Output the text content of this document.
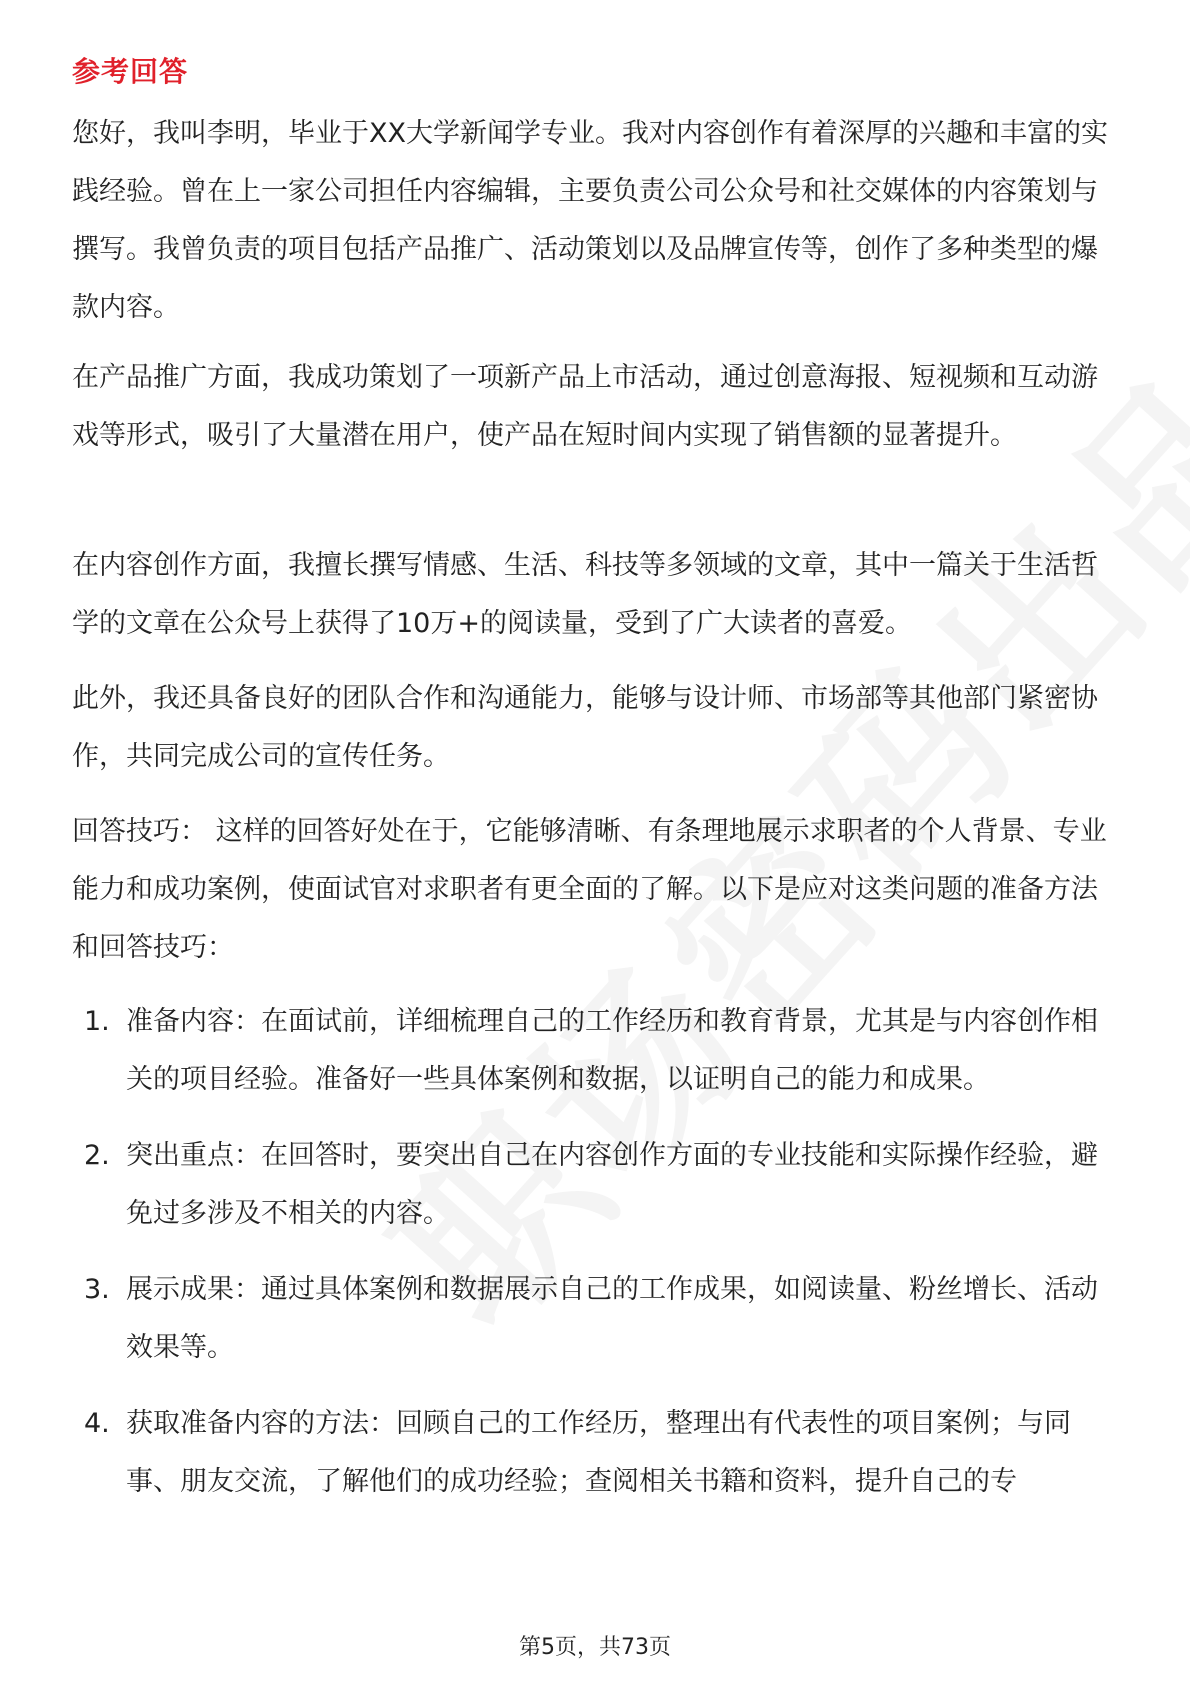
参考回答

您好，我叫李明，毕业于XX大学新闻学专业。我对内容创作有着深厚的兴趣和丰富的实践经验。曾在上一家公司担任内容编辑，主要负责公司公众号和社交媒体的内容策划与撰写。我曾负责的项目包括产品推广、活动策划以及品牌宣传等，创作了多种类型的爆款内容。

在产品推广方面，我成功策划了一项新产品上市活动，通过创意海报、短视频和互动游戏等形式，吸引了大量潜在用户，使产品在短时间内实现了销售额的显著提升。

在内容创作方面，我擅长撰写情感、生活、科技等多领域的文章，其中一篇关于生活哲学的文章在公众号上获得了10万+的阅读量，受到了广大读者的喜爱。

此外，我还具备良好的团队合作和沟通能力，能够与设计师、市场部等其他部门紧密协作，共同完成公司的宣传任务。

回答技巧： 这样的回答好处在于，它能够清晰、有条理地展示求职者的个人背景、专业能力和成功案例，使面试官对求职者有更全面的了解。以下是应对这类问题的准备方法和回答技巧：

1. 准备内容：在面试前，详细梳理自己的工作经历和教育背景，尤其是与内容创作相关的项目经验。准备好一些具体案例和数据，以证明自己的能力和成果。
2. 突出重点：在回答时，要突出自己在内容创作方面的专业技能和实际操作经验，避免过多涉及不相关的内容。
3. 展示成果：通过具体案例和数据展示自己的工作成果，如阅读量、粉丝增长、活动效果等。
4. 获取准备内容的方法：回顾自己的工作经历，整理出有代表性的项目案例；与同事、朋友交流，了解他们的成功经验；查阅相关书籍和资料，提升自己的专
第5页，共73页
